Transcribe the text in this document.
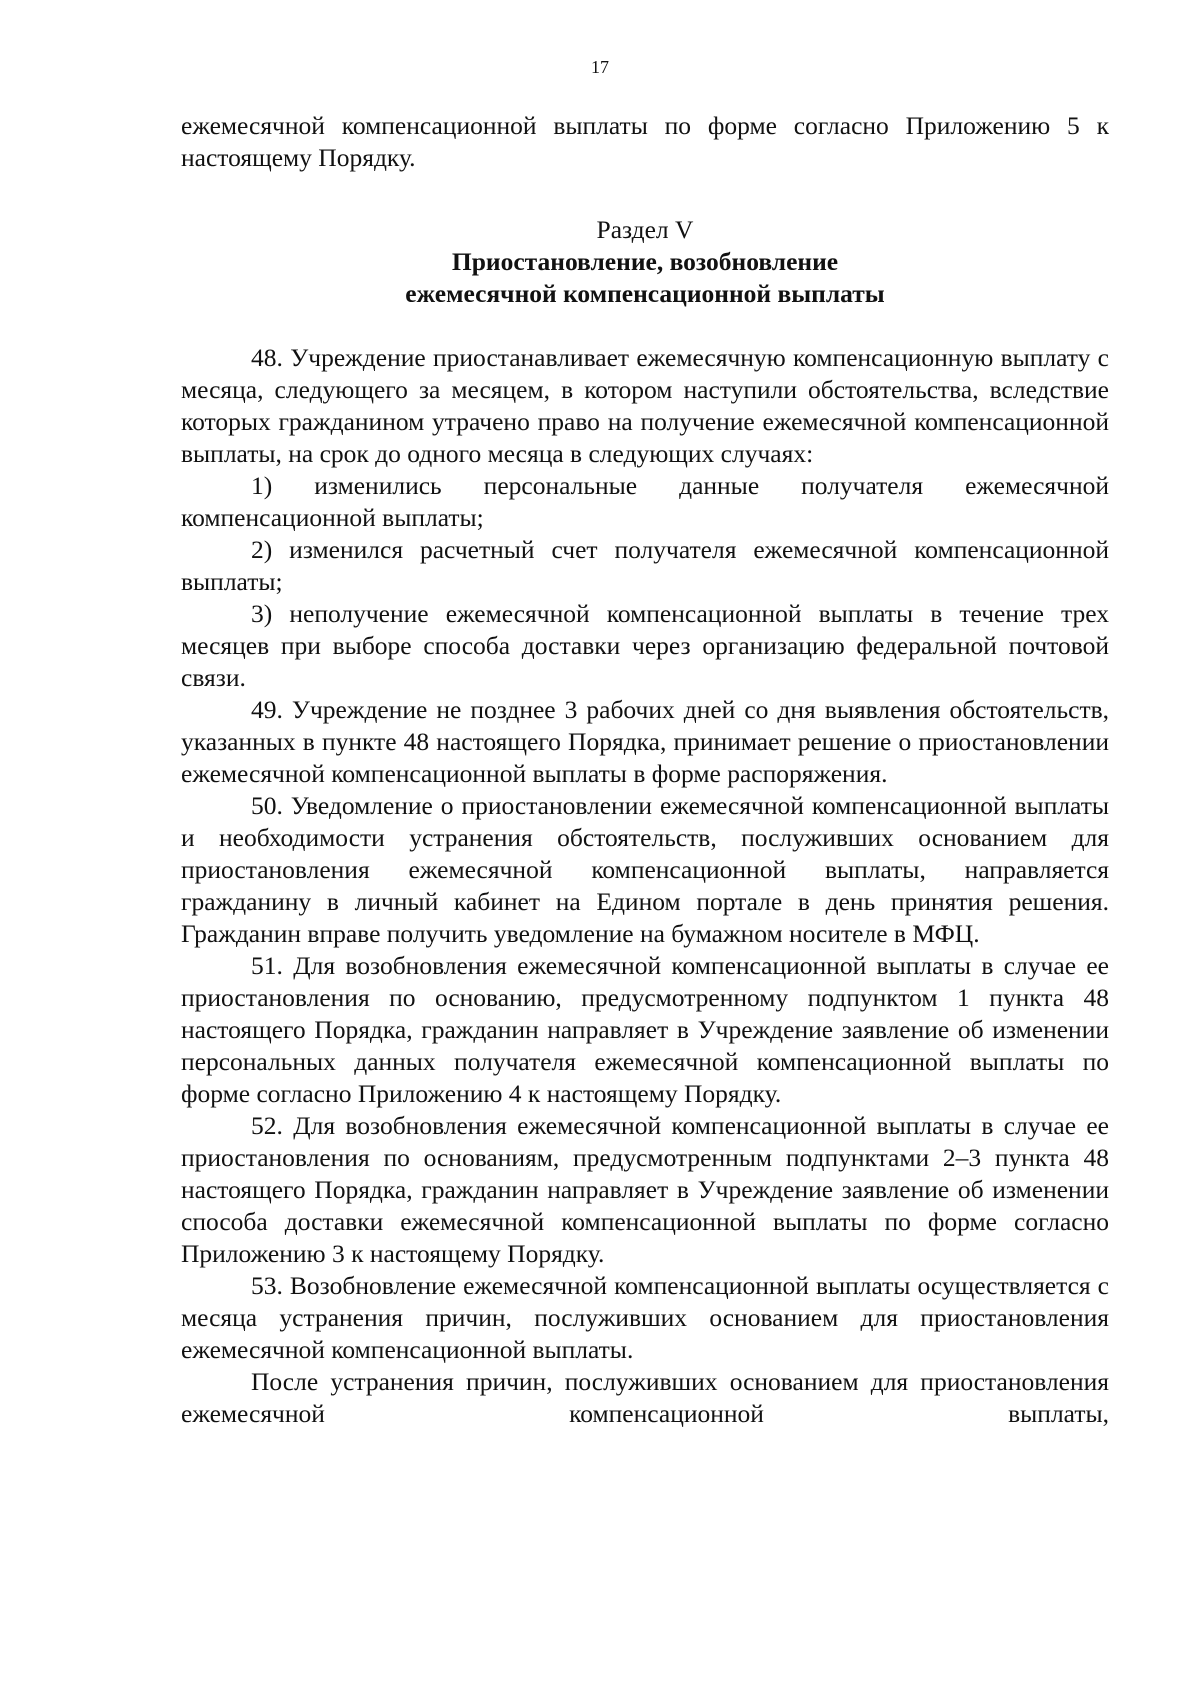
17

ежемесячной компенсационной выплаты по форме согласно Приложению 5 к настоящему Порядку.

Раздел V
Приостановление, возобновление
ежемесячной компенсационной выплаты

48. Учреждение приостанавливает ежемесячную компенсационную выплату с месяца, следующего за месяцем, в котором наступили обстоятельства, вследствие которых гражданином утрачено право на получение ежемесячной компенсационной выплаты, на срок до одного месяца в следующих случаях:

1) изменились персональные данные получателя ежемесячной компенсационной выплаты;

2) изменился расчетный счет получателя ежемесячной компенсационной выплаты;

3) неполучение ежемесячной компенсационной выплаты в течение трех месяцев при выборе способа доставки через организацию федеральной почтовой связи.

49. Учреждение не позднее 3 рабочих дней со дня выявления обстоятельств, указанных в пункте 48 настоящего Порядка, принимает решение о приостановлении ежемесячной компенсационной выплаты в форме распоряжения.

50. Уведомление о приостановлении ежемесячной компенсационной выплаты и необходимости устранения обстоятельств, послуживших основанием для приостановления ежемесячной компенсационной выплаты, направляется гражданину в личный кабинет на Едином портале в день принятия решения. Гражданин вправе получить уведомление на бумажном носителе в МФЦ.

51. Для возобновления ежемесячной компенсационной выплаты в случае ее приостановления по основанию, предусмотренному подпунктом 1 пункта 48 настоящего Порядка, гражданин направляет в Учреждение заявление об изменении персональных данных получателя ежемесячной компенсационной выплаты по форме согласно Приложению 4 к настоящему Порядку.

52. Для возобновления ежемесячной компенсационной выплаты в случае ее приостановления по основаниям, предусмотренным подпунктами 2–3 пункта 48 настоящего Порядка, гражданин направляет в Учреждение заявление об изменении способа доставки ежемесячной компенсационной выплаты по форме согласно Приложению 3 к настоящему Порядку.

53. Возобновление ежемесячной компенсационной выплаты осуществляется с месяца устранения причин, послуживших основанием для приостановления ежемесячной компенсационной выплаты.

После устранения причин, послуживших основанием для приостановления ежемесячной компенсационной выплаты,
